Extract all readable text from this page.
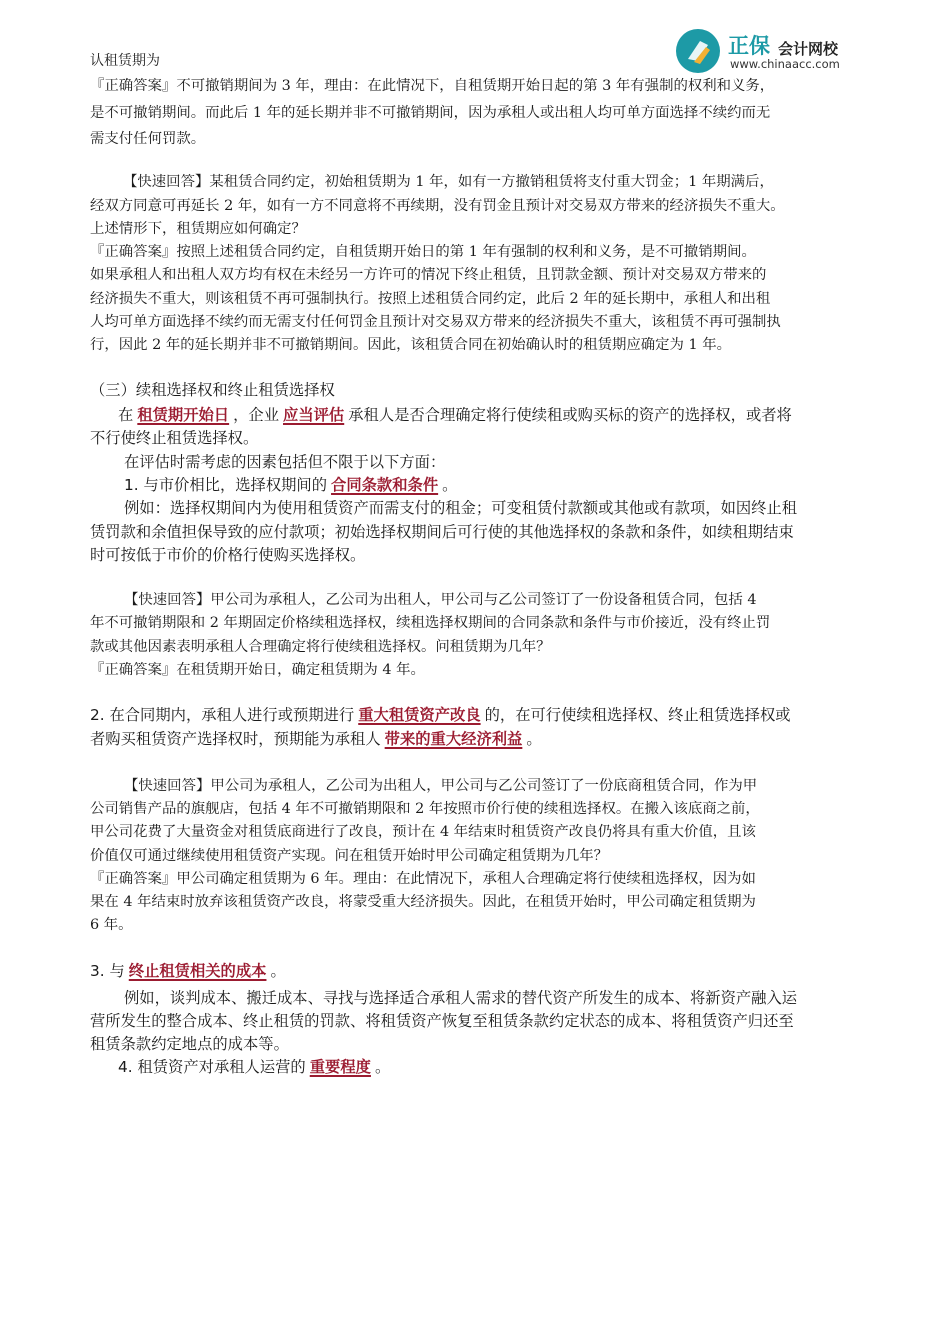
正保 会计网校
www.chinaacc.com
认租赁期为
『正确答案』不可撤销期间为 3 年，理由：在此情况下，自租赁期开始日起的第 3 年有强制的权利和义务，
是不可撤销期间。而此后 1 年的延长期并非不可撤销期间，因为承租人或出租人均可单方面选择不续约而无
需支付任何罚款。
【快速回答】某租赁合同约定，初始租赁期为 1 年，如有一方撤销租赁将支付重大罚金；1 年期满后，
经双方同意可再延长 2 年，如有一方不同意将不再续期，没有罚金且预计对交易双方带来的经济损失不重大。
上述情形下，租赁期应如何确定？
『正确答案』按照上述租赁合同约定，自租赁期开始日的第 1 年有强制的权利和义务，是不可撤销期间。
如果承租人和出租人双方均有权在未经另一方许可的情况下终止租赁，且罚款金额、预计对交易双方带来的
经济损失不重大，则该租赁不再可强制执行。按照上述租赁合同约定，此后 2 年的延长期中，承租人和出租
人均可单方面选择不续约而无需支付任何罚金且预计对交易双方带来的经济损失不重大，该租赁不再可强制执
行，因此 2 年的延长期并非不可撤销期间。因此，该租赁合同在初始确认时的租赁期应确定为 1 年。
（三）续租选择权和终止租赁选择权
在 租赁期开始日 ，企业 应当评估 承租人是否合理确定将行使续租或购买标的资产的选择权，或者将
不行使终止租赁选择权。
在评估时需考虑的因素包括但不限于以下方面：
1. 与市价相比，选择权期间的 合同条款和条件 。
例如：选择权期间内为使用租赁资产而需支付的租金；可变租赁付款额或其他或有款项，如因终止租
赁罚款和余值担保导致的应付款项；初始选择权期间后可行使的其他选择权的条款和条件，如续租期结束
时可按低于市价的价格行使购买选择权。
【快速回答】甲公司为承租人，乙公司为出租人，甲公司与乙公司签订了一份设备租赁合同，包括 4
年不可撤销期限和 2 年期固定价格续租选择权，续租选择权期间的合同条款和条件与市价接近，没有终止罚
款或其他因素表明承租人合理确定将行使续租选择权。问租赁期为几年？
『正确答案』在租赁期开始日，确定租赁期为 4 年。
2. 在合同期内，承租人进行或预期进行 重大租赁资产改良 的，在可行使续租选择权、终止租赁选择权或
者购买租赁资产选择权时，预期能为承租人 带来的重大经济利益 。
【快速回答】甲公司为承租人，乙公司为出租人，甲公司与乙公司签订了一份底商租赁合同，作为甲
公司销售产品的旗舰店，包括 4 年不可撤销期限和 2 年按照市价行使的续租选择权。在搬入该底商之前，
甲公司花费了大量资金对租赁底商进行了改良，预计在 4 年结束时租赁资产改良仍将具有重大价值，且该
价值仅可通过继续使用租赁资产实现。问在租赁开始时甲公司确定租赁期为几年？
『正确答案』甲公司确定租赁期为 6 年。理由：在此情况下，承租人合理确定将行使续租选择权，因为如
果在 4 年结束时放弃该租赁资产改良，将蒙受重大经济损失。因此，在租赁开始时，甲公司确定租赁期为
6 年。
3. 与 终止租赁相关的成本 。
例如，谈判成本、搬迁成本、寻找与选择适合承租人需求的替代资产所发生的成本、将新资产融入运
营所发生的整合成本、终止租赁的罚款、将租赁资产恢复至租赁条款约定状态的成本、将租赁资产归还至
租赁条款约定地点的成本等。
4. 租赁资产对承租人运营的 重要程度 。
